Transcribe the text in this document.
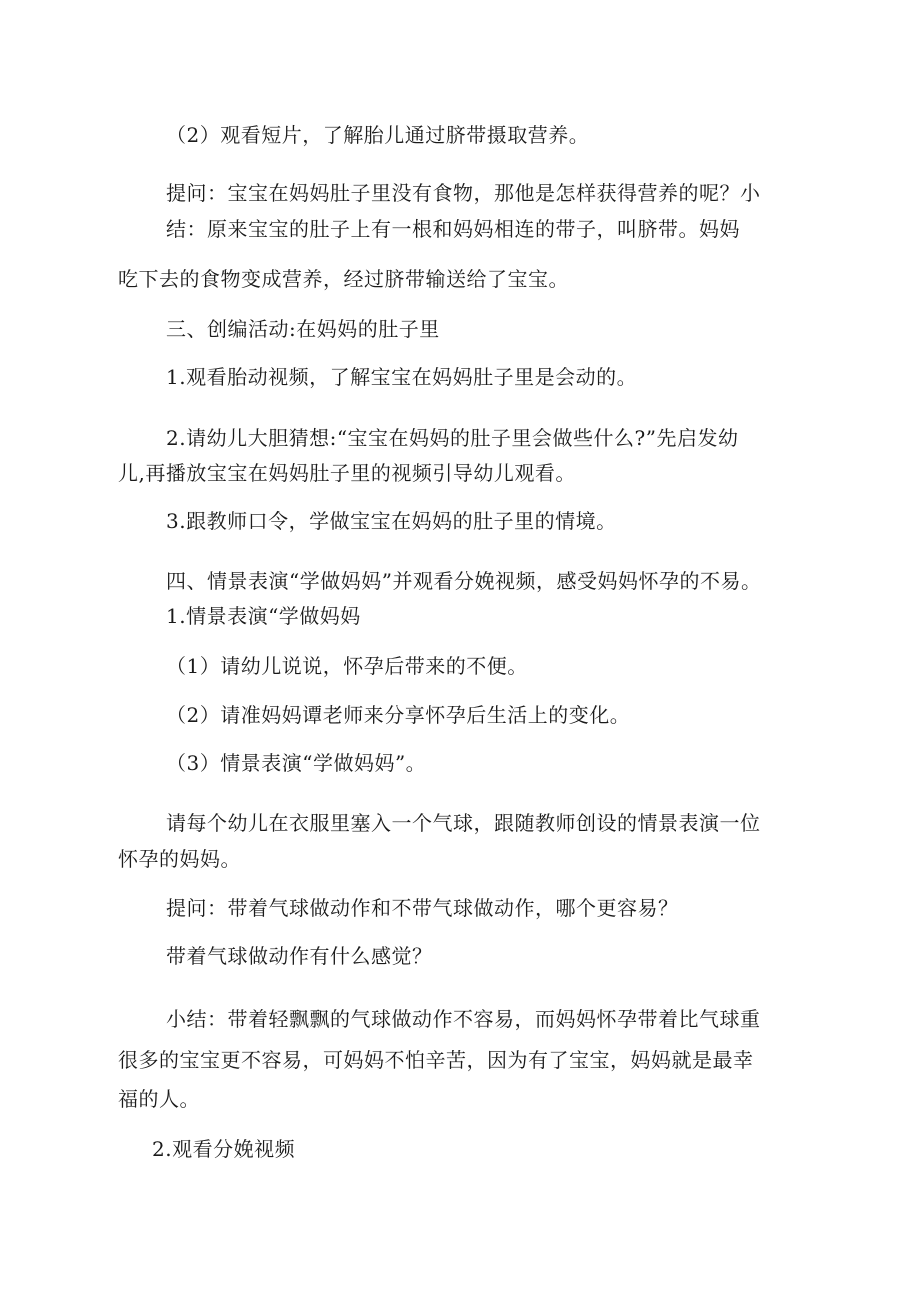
（2）观看短片，了解胎儿通过脐带摄取营养。
提问：宝宝在妈妈肚子里没有食物，那他是怎样获得营养的呢？小
结：原来宝宝的肚子上有一根和妈妈相连的带子，叫脐带。妈妈
吃下去的食物变成营养，经过脐带输送给了宝宝。
三、创编活动:在妈妈的肚子里
1.观看胎动视频，了解宝宝在妈妈肚子里是会动的。
2.请幼儿大胆猜想:“宝宝在妈妈的肚子里会做些什么?”先启发幼
儿,再播放宝宝在妈妈肚子里的视频引导幼儿观看。
3.跟教师口令，学做宝宝在妈妈的肚子里的情境。
四、情景表演“学做妈妈”并观看分娩视频，感受妈妈怀孕的不易。
1.情景表演“学做妈妈
（1）请幼儿说说，怀孕后带来的不便。
（2）请准妈妈谭老师来分享怀孕后生活上的变化。
（3）情景表演“学做妈妈”。
请每个幼儿在衣服里塞入一个气球，跟随教师创设的情景表演一位
怀孕的妈妈。
提问：带着气球做动作和不带气球做动作，哪个更容易？
带着气球做动作有什么感觉？
小结：带着轻飘飘的气球做动作不容易，而妈妈怀孕带着比气球重
很多的宝宝更不容易，可妈妈不怕辛苦，因为有了宝宝，妈妈就是最幸
福的人。
2.观看分娩视频
